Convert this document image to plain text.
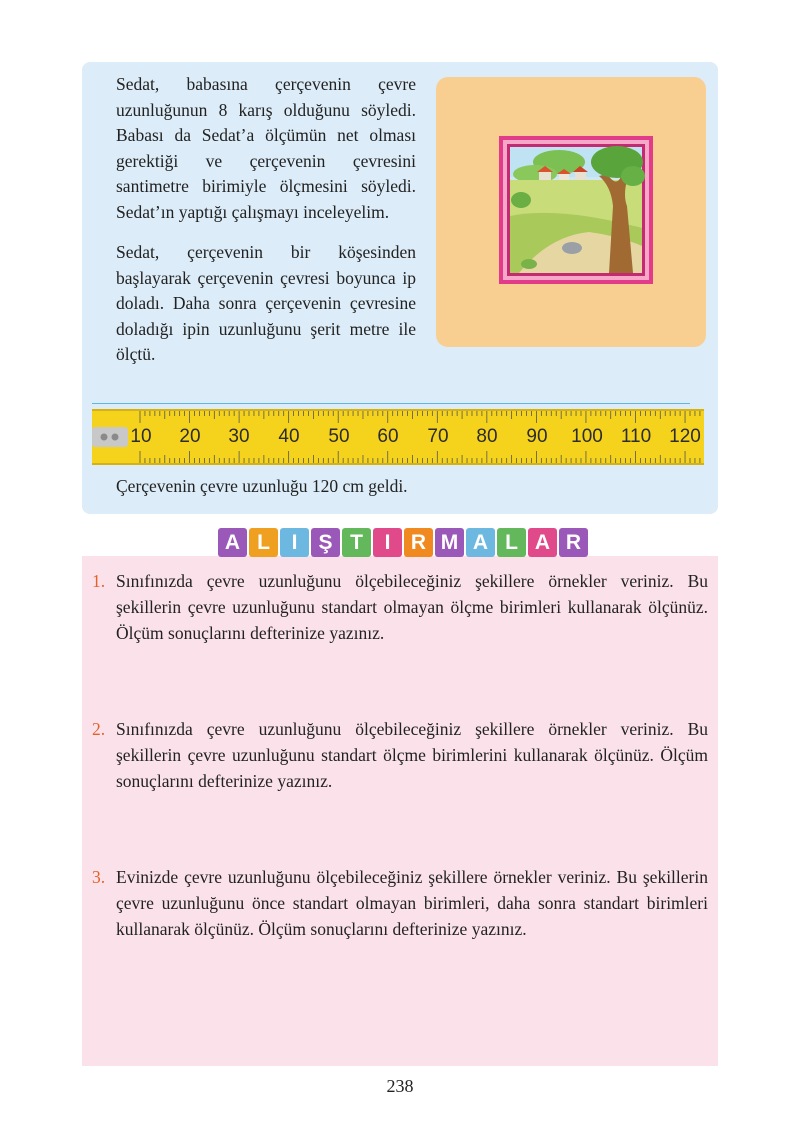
Sedat, babasına çerçevenin çevre uzunluğunun 8 karış olduğunu söyledi. Babası da Sedat’a ölçümün net olması gerektiği ve çerçevenin çevresini santimetre birimiyle ölçmesini söyledi. Sedat’ın yaptığı çalışmayı inceleyelim.

Sedat, çerçevenin bir köşesinden başlayarak çerçevenin çevresi boyunca ip doladı. Daha sonra çerçevenin çevresine doladığı ipin uzunluğunu şerit metre ile ölçtü.

10 20 30 40 50 60 70 80 90 100 110 120

Çerçevenin çevre uzunluğu 120 cm geldi.

A L	I	Ş T	I R M A L A R
1. Sınıfınızda çevre uzunluğunu ölçebileceğiniz şekillere örnekler veriniz. Bu şekillerin çevre uzunluğunu standart olmayan ölçme birimleri kullanarak ölçünüz. Ölçüm sonuçlarını defterinize yazınız.
2. Sınıfınızda çevre uzunluğunu ölçebileceğiniz şekillere örnekler veriniz. Bu şekillerin çevre uzunluğunu standart ölçme birimlerini kullanarak ölçünüz. Ölçüm sonuçlarını defterinize yazınız.
3. Evinizde çevre uzunluğunu ölçebileceğiniz şekillere örnekler veriniz. Bu şekillerin çevre uzunluğunu önce standart olmayan birimleri, daha sonra standart birimleri kullanarak ölçünüz. Ölçüm sonuçlarını defterinize yazınız.
238
